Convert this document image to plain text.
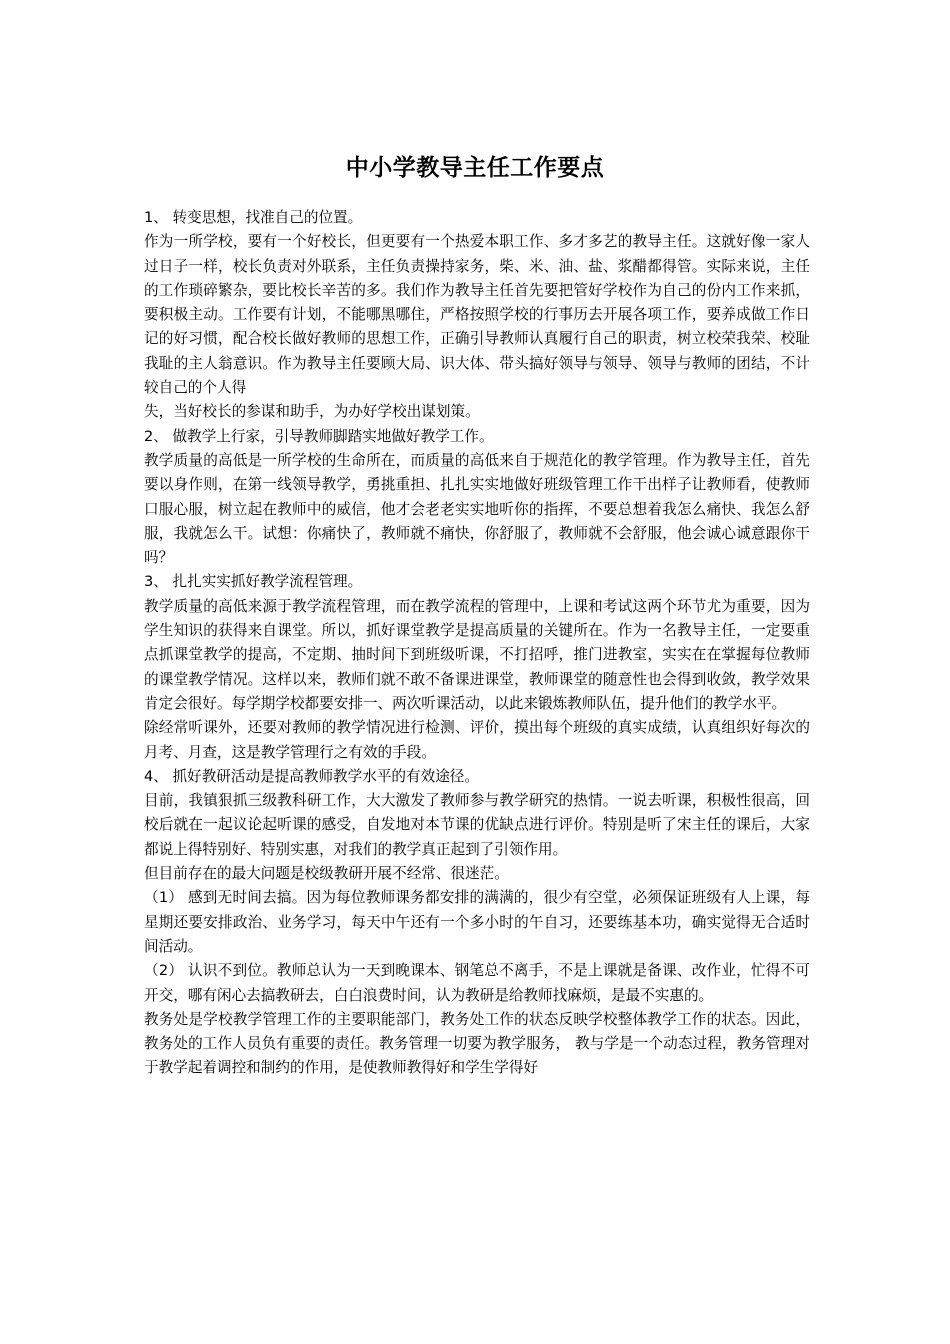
中小学教导主任工作要点

1、 转变思想，找准自己的位置。

作为一所学校，要有一个好校长，但更要有一个热爱本职工作、多才多艺的教导主任。这就好像一家人过日子一样，校长负责对外联系，主任负责操持家务，柴、米、油、盐、浆醋都得管。实际来说，主任的工作琐碎繁杂，要比校长辛苦的多。我们作为教导主任首先要把管好学校作为自己的份内工作来抓，要积极主动。工作要有计划，不能哪黑哪住，严格按照学校的行事历去开展各项工作，要养成做工作日记的好习惯，配合校长做好教师的思想工作，正确引导教师认真履行自己的职责，树立校荣我荣、校耻我耻的主人翁意识。作为教导主任要顾大局、识大体、带头搞好领导与领导、领导与教师的团结，不计较自己的个人得

失，当好校长的参谋和助手，为办好学校出谋划策。

2、 做教学上行家，引导教师脚踏实地做好教学工作。

教学质量的高低是一所学校的生命所在，而质量的高低来自于规范化的教学管理。作为教导主任，首先要以身作则，在第一线领导教学，勇挑重担、扎扎实实地做好班级管理工作干出样子让教师看，使教师口服心服，树立起在教师中的威信，他才会老老实实地听你的指挥，不要总想着我怎么痛快、我怎么舒服，我就怎么干。试想：你痛快了，教师就不痛快，你舒服了，教师就不会舒服，他会诚心诚意跟你干吗？

3、 扎扎实实抓好教学流程管理。

教学质量的高低来源于教学流程管理，而在教学流程的管理中，上课和考试这两个环节尤为重要，因为学生知识的获得来自课堂。所以，抓好课堂教学是提高质量的关键所在。作为一名教导主任，一定要重点抓课堂教学的提高，不定期、抽时间下到班级听课，不打招呼，推门进教室，实实在在掌握每位教师的课堂教学情况。这样以来，教师们就不敢不备课进课堂，教师课堂的随意性也会得到收敛，教学效果肯定会很好。每学期学校都要安排一、两次听课活动，以此来锻炼教师队伍，提升他们的教学水平。

除经常听课外，还要对教师的教学情况进行检测、评价，摸出每个班级的真实成绩，认真组织好每次的月考、月查，这是教学管理行之有效的手段。

4、 抓好教研活动是提高教师教学水平的有效途径。

目前，我镇狠抓三级教科研工作，大大激发了教师参与教学研究的热情。一说去听课，积极性很高，回校后就在一起议论起听课的感受，自发地对本节课的优缺点进行评价。特别是听了宋主任的课后，大家都说上得特别好、特别实惠，对我们的教学真正起到了引领作用。

但目前存在的最大问题是校级教研开展不经常、很迷茫。

（1） 感到无时间去搞。因为每位教师课务都安排的满满的，很少有空堂，必须保证班级有人上课，每星期还要安排政治、业务学习，每天中午还有一个多小时的午自习，还要练基本功，确实觉得无合适时间活动。

（2） 认识不到位。教师总认为一天到晚课本、钢笔总不离手，不是上课就是备课、改作业，忙得不可开交，哪有闲心去搞教研去，白白浪费时间，认为教研是给教师找麻烦，是最不实惠的。

教务处是学校教学管理工作的主要职能部门，教务处工作的状态反映学校整体教学工作的状态。因此，教务处的工作人员负有重要的责任。教务管理一切要为教学服务， 教与学是一个动态过程，教务管理对于教学起着调控和制约的作用，是使教师教得好和学生学得好
